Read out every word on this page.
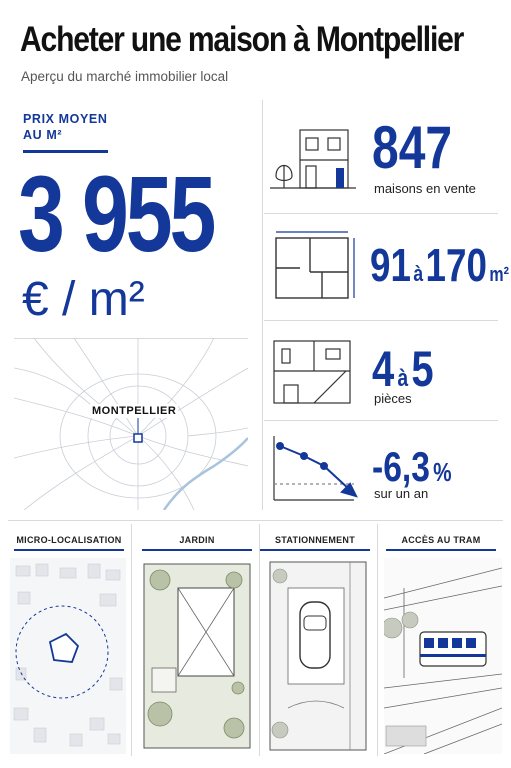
Acheter une maison à Montpellier
Aperçu du marché immobilier local
PRIX MOYEN
AU M²
3 955
€ / m²
MONTPELLIER
847
maisons en vente
91 à170 m²
4 à5
pièces
-6,3 %
sur un an
MICRO-LOCALISATION	JARDIN	STATIONNEMENT	ACCÈS AU TRAM
